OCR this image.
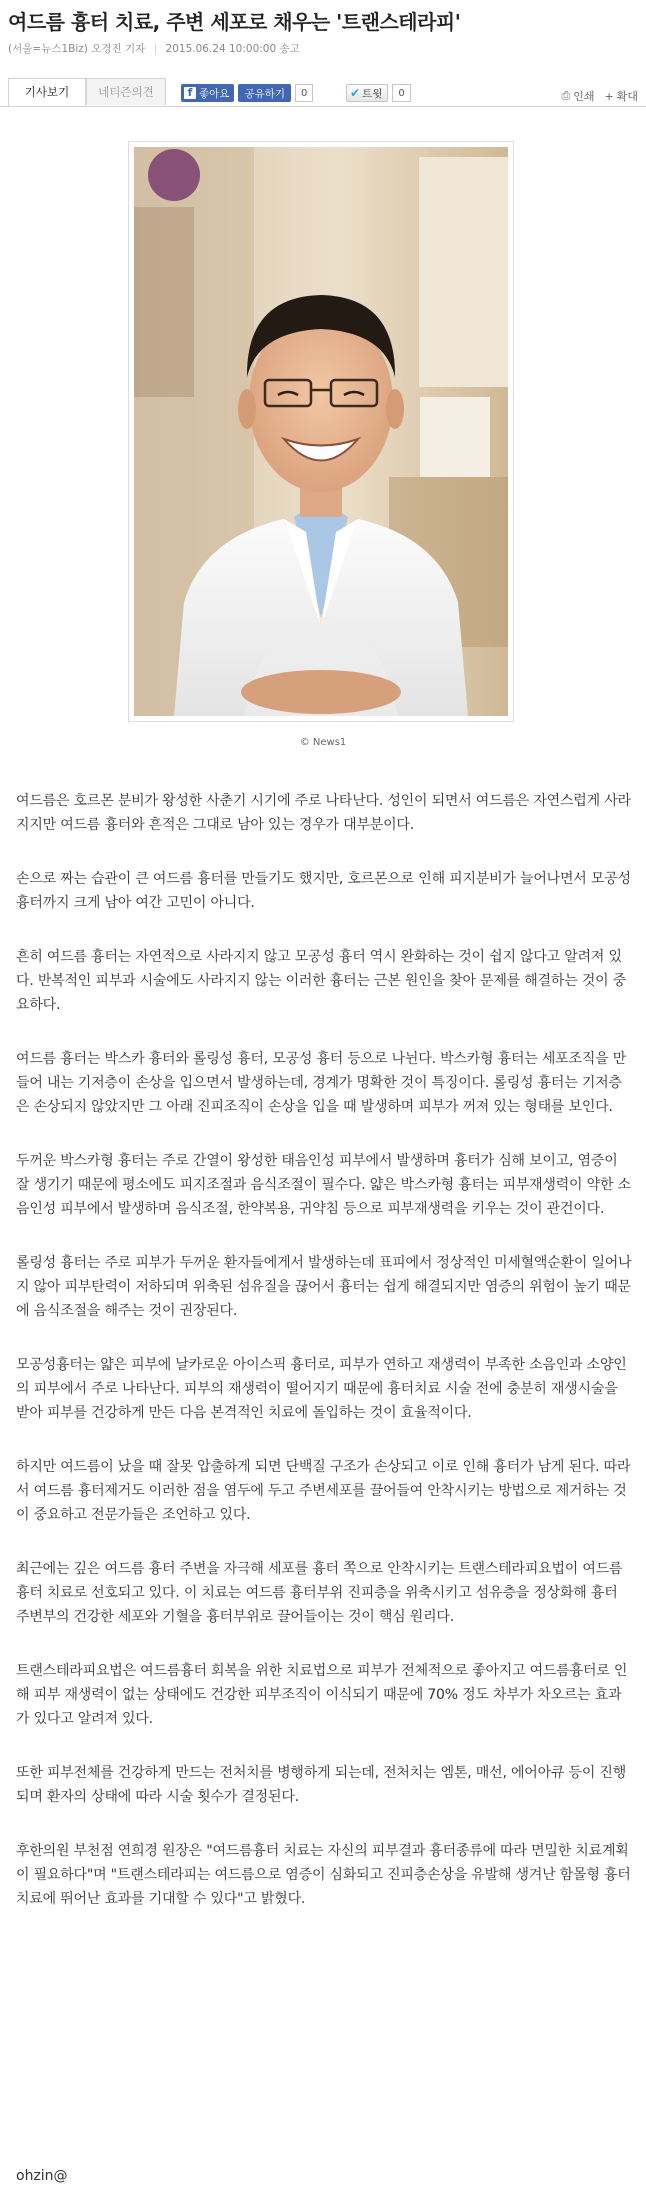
여드름 흉터 치료, 주변 세포로 채우는 '트랜스테라피'
(서울=뉴스1Biz) 오경진 기자 | 2015.06.24 10:00:00 송고
기사보기	네티즌의견	f 좋아요	공유하기	0	✔ 트윗	0	⎙ 인쇄 + 확대
© News1

여드름은 호르몬 분비가 왕성한 사춘기 시기에 주로 나타난다. 성인이 되면서 여드름은 자연스럽게 사라지지만 여드름 흉터와 흔적은 그대로 남아 있는 경우가 대부분이다.

손으로 짜는 습관이 큰 여드름 흉터를 만들기도 했지만, 호르몬으로 인해 피지분비가 늘어나면서 모공성 흉터까지 크게 남아 여간 고민이 아니다.

흔히 여드름 흉터는 자연적으로 사라지지 않고 모공성 흉터 역시 완화하는 것이 쉽지 않다고 알려져 있다. 반복적인 피부과 시술에도 사라지지 않는 이러한 흉터는 근본 원인을 찾아 문제를 해결하는 것이 중요하다.

여드름 흉터는 박스카 흉터와 롤링성 흉터, 모공성 흉터 등으로 나뉜다. 박스카형 흉터는 세포조직을 만들어 내는 기저층이 손상을 입으면서 발생하는데, 경계가 명확한 것이 특징이다. 롤링성 흉터는 기저층은 손상되지 않았지만 그 아래 진피조직이 손상을 입을 때 발생하며 피부가 꺼져 있는 형태를 보인다.

두꺼운 박스카형 흉터는 주로 간열이 왕성한 태음인성 피부에서 발생하며 흉터가 심해 보이고, 염증이 잘 생기기 때문에 평소에도 피지조절과 음식조절이 필수다. 얇은 박스카형 흉터는 피부재생력이 약한 소음인성 피부에서 발생하며 음식조절, 한약복용, 귀약침 등으로 피부재생력을 키우는 것이 관건이다.

롤링성 흉터는 주로 피부가 두꺼운 환자들에게서 발생하는데 표피에서 정상적인 미세혈액순환이 일어나지 않아 피부탄력이 저하되며 위축된 섬유질을 끊어서 흉터는 쉽게 해결되지만 염증의 위험이 높기 때문에 음식조절을 해주는 것이 권장된다.

모공성흉터는 얇은 피부에 날카로운 아이스픽 흉터로, 피부가 연하고 재생력이 부족한 소음인과 소양인의 피부에서 주로 나타난다. 피부의 재생력이 떨어지기 때문에 흉터치료 시술 전에 충분히 재생시술을 받아 피부를 건강하게 만든 다음 본격적인 치료에 돌입하는 것이 효율적이다.

하지만 여드름이 났을 때 잘못 압출하게 되면 단백질 구조가 손상되고 이로 인해 흉터가 남게 된다. 따라서 여드름 흉터제거도 이러한 점을 염두에 두고 주변세포를 끌어들여 안착시키는 방법으로 제거하는 것이 중요하고 전문가들은 조언하고 있다.

최근에는 깊은 여드름 흉터 주변을 자극해 세포를 흉터 쪽으로 안착시키는 트랜스테라피요법이 여드름흉터 치료로 선호되고 있다. 이 치료는 여드름 흉터부위 진피층을 위축시키고 섬유층을 정상화해 흉터 주변부의 건강한 세포와 기혈을 흉터부위로 끌어들이는 것이 핵심 원리다.

트랜스테라피요법은 여드름흉터 회복을 위한 치료법으로 피부가 전체적으로 좋아지고 여드름흉터로 인해 피부 재생력이 없는 상태에도 건강한 피부조직이 이식되기 때문에 70% 정도 차부가 차오르는 효과가 있다고 알려져 있다.

또한 피부전체를 건강하게 만드는 전처치를 병행하게 되는데, 전처치는 엠톤, 매선, 에어아큐 등이 진행되며 환자의 상태에 따라 시술 횟수가 결정된다.

후한의원 부천점 연희경 원장은 "여드름흉터 치료는 자신의 피부결과 흉터종류에 따라 면밀한 치료계획이 필요하다"며 "트랜스테라피는 여드름으로 염증이 심화되고 진피층손상을 유발해 생겨난 함몰형 흉터 치료에 뛰어난 효과를 기대할 수 있다"고 밝혔다.

ohzin@
